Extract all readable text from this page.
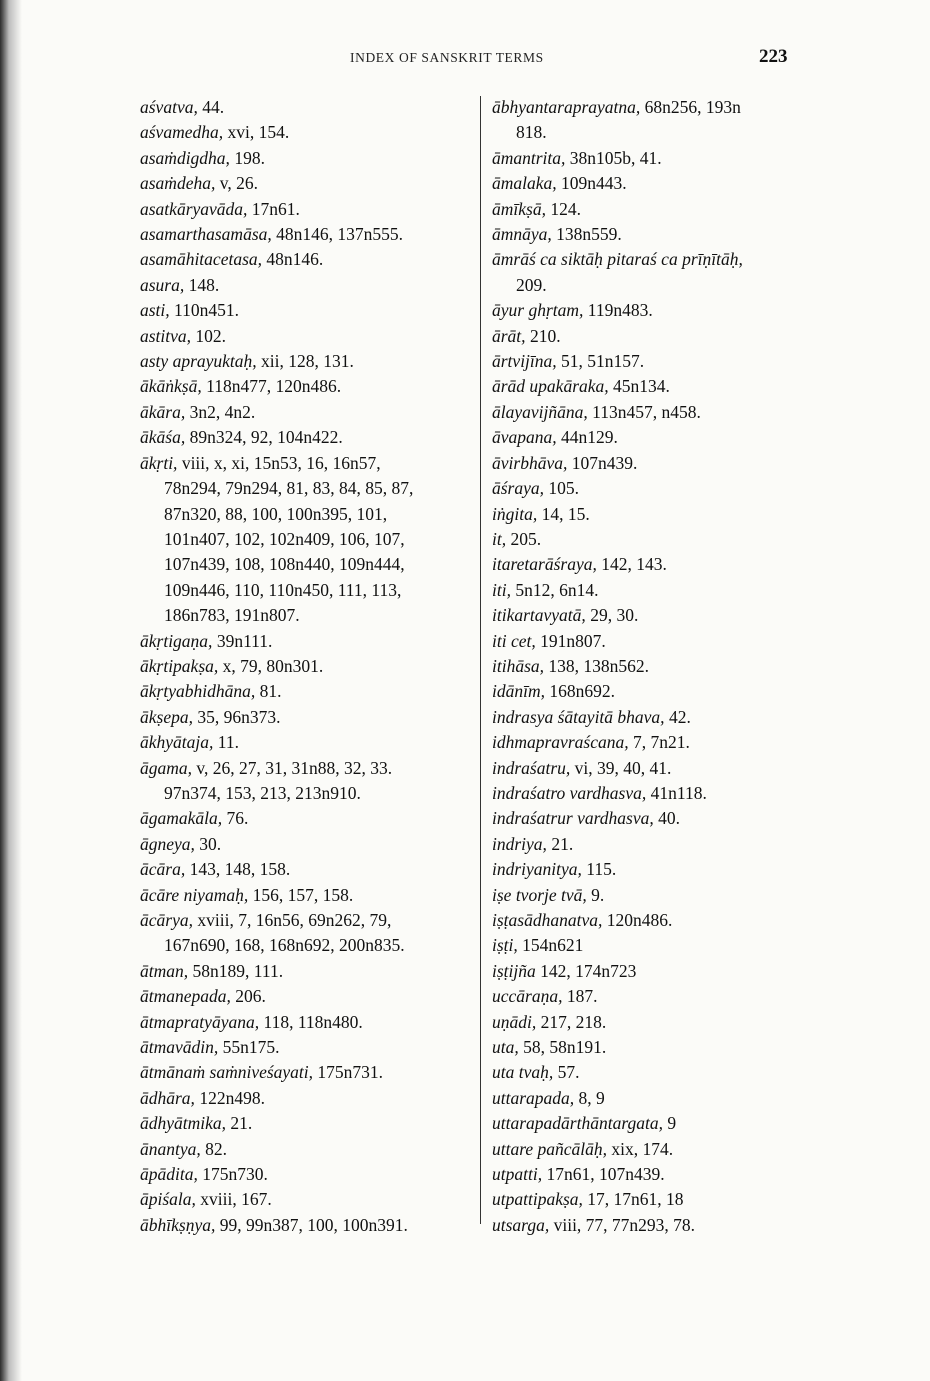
INDEX OF SANSKRIT TERMS	223
aśvatva, 44.
aśvamedha, xvi, 154.
asaṁdigdha, 198.
asaṁdeha, v, 26.
asatkāryavāda, 17n61.
asamarthasamāsa, 48n146, 137n555.
asamāhitacetasa, 48n146.
asura, 148.
asti, 110n451.
astitva, 102.
asty aprayuktaḥ, xii, 128, 131.
ākāṅkṣā, 118n477, 120n486.
ākāra, 3n2, 4n2.
ākāśa, 89n324, 92, 104n422.
ākṛti, viii, x, xi, 15n53, 16, 16n57,
78n294, 79n294, 81, 83, 84, 85, 87,
87n320, 88, 100, 100n395, 101,
101n407, 102, 102n409, 106, 107,
107n439, 108, 108n440, 109n444,
109n446, 110, 110n450, 111, 113,
186n783, 191n807.
ākṛtigaṇa, 39n111.
ākṛtipakṣa, x, 79, 80n301.
ākṛtyabhidhāna, 81.
ākṣepa, 35, 96n373.
ākhyātaja, 11.
āgama, v, 26, 27, 31, 31n88, 32, 33.
97n374, 153, 213, 213n910.
āgamakāla, 76.
āgneya, 30.
ācāra, 143, 148, 158.
ācāre niyamaḥ, 156, 157, 158.
ācārya, xviii, 7, 16n56, 69n262, 79,
167n690, 168, 168n692, 200n835.
ātman, 58n189, 111.
ātmanepada, 206.
ātmapratyāyana, 118, 118n480.
ātmavādin, 55n175.
ātmānaṁ saṁniveśayati, 175n731.
ādhāra, 122n498.
ādhyātmika, 21.
ānantya, 82.
āpādita, 175n730.
āpiśala, xviii, 167.
ābhīkṣṇya, 99, 99n387, 100, 100n391.
ābhyantaraprayatna, 68n256, 193n
818.
āmantrita, 38n105b, 41.
āmalaka, 109n443.
āmīkṣā, 124.
āmnāya, 138n559.
āmrāś ca siktāḥ pitaraś ca prīṇītāḥ,
209.
āyur ghṛtam, 119n483.
ārāt, 210.
ārtvijīna, 51, 51n157.
ārād upakāraka, 45n134.
ālayavijñāna, 113n457, n458.
āvapana, 44n129.
āvirbhāva, 107n439.
āśraya, 105.
iṅgita, 14, 15.
it, 205.
itaretarāśraya, 142, 143.
iti, 5n12, 6n14.
itikartavyatā, 29, 30.
iti cet, 191n807.
itihāsa, 138, 138n562.
idānīm, 168n692.
indrasya śātayitā bhava, 42.
idhmapravraścana, 7, 7n21.
indraśatru, vi, 39, 40, 41.
indraśatro vardhasva, 41n118.
indraśatrur vardhasva, 40.
indriya, 21.
indriyanitya, 115.
iṣe tvorje tvā, 9.
iṣṭasādhanatva, 120n486.
iṣṭi, 154n621
iṣṭijña 142, 174n723
uccāraṇa, 187.
uṇādi, 217, 218.
uta, 58, 58n191.
uta tvaḥ, 57.
uttarapada, 8, 9
uttarapadārthāntargata, 9
uttare pañcālāḥ, xix, 174.
utpatti, 17n61, 107n439.
utpattipakṣa, 17, 17n61, 18
utsarga, viii, 77, 77n293, 78.
